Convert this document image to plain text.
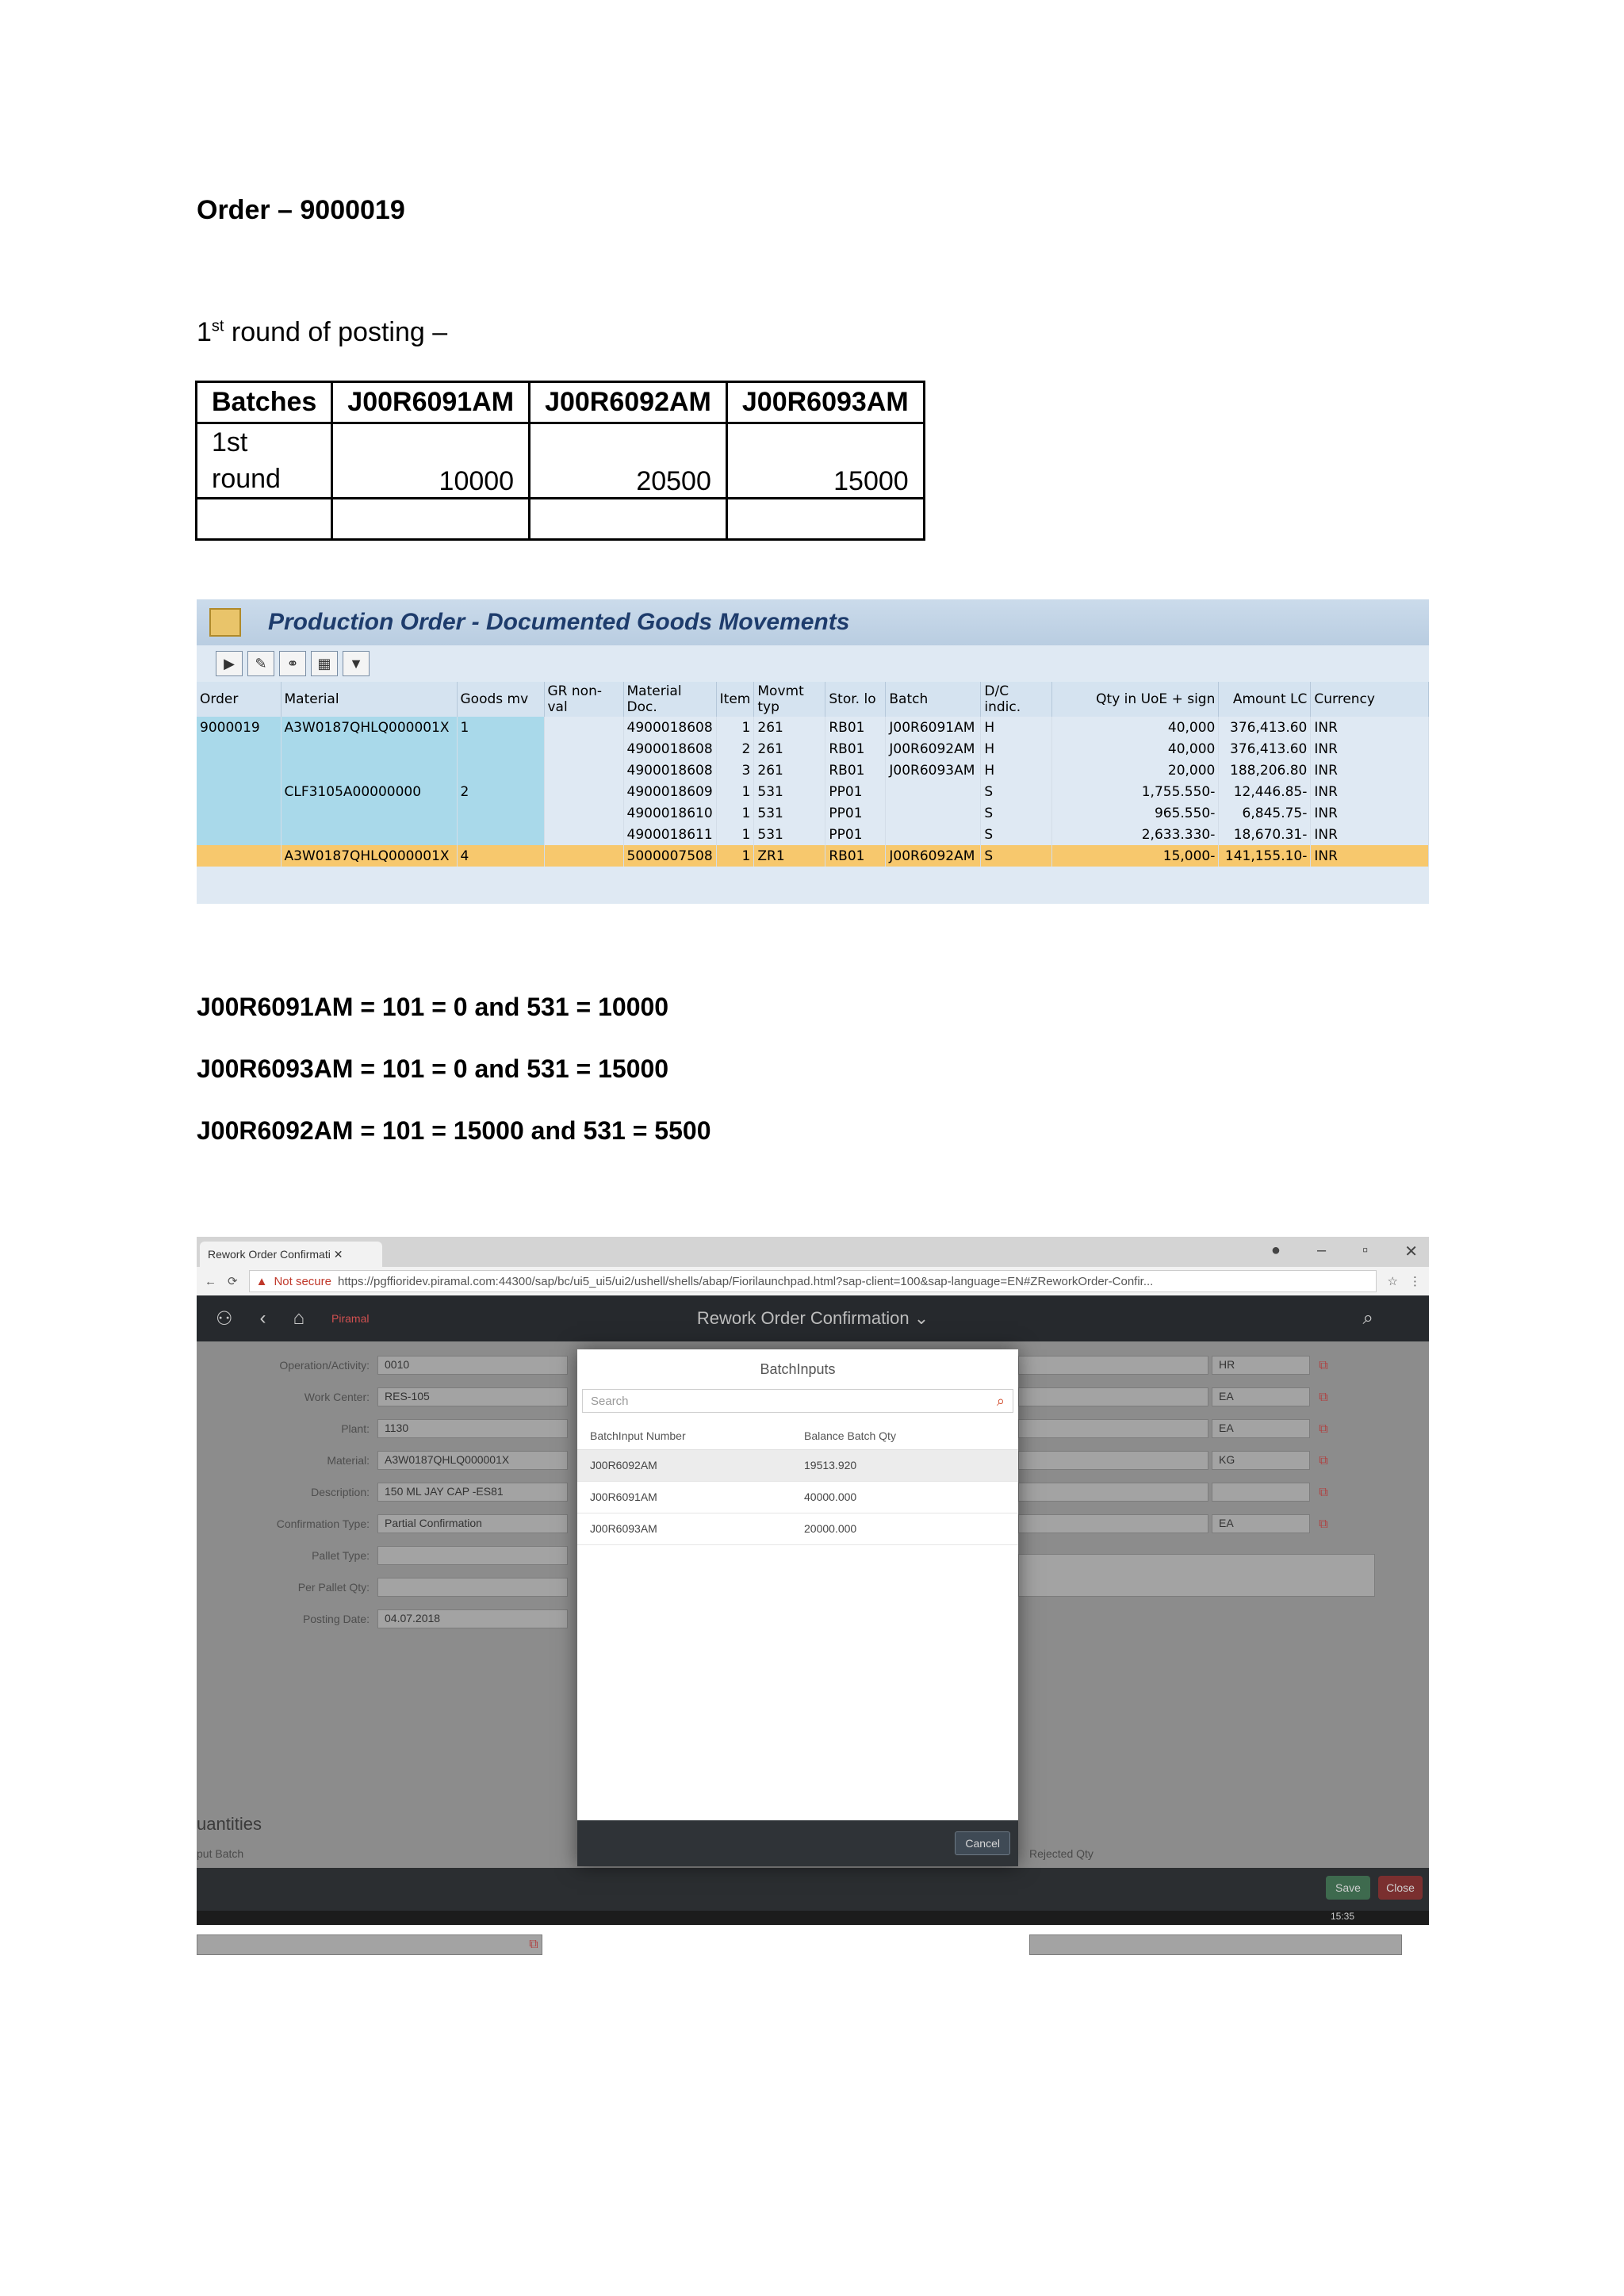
Order – 9000019
1st round of posting –
Batches	J00R6091AM	J00R6092AM	J00R6093AM
1st
round	10000	20500	15000

Production Order - Documented Goods Movements
▶	✎	⚭	▦	▼
Order	Material	Goods mv	GR non-val	Material Doc.	Item	Movmt typ	Stor. lo	Batch	D/C indic.	Qty in UoE + sign	Amount LC	Currency
9000019	A3W0187QHLQ000001X	1		4900018608	1	261	RB01	J00R6091AM	H	40,000	376,413.60	INR
				4900018608	2	261	RB01	J00R6092AM	H	40,000	376,413.60	INR
				4900018608	3	261	RB01	J00R6093AM	H	20,000	188,206.80	INR
	CLF3105A00000000	2		4900018609	1	531	PP01		S	1,755.550-	12,446.85-	INR
				4900018610	1	531	PP01		S	965.550-	6,845.75-	INR
				4900018611	1	531	PP01		S	2,633.330-	18,670.31-	INR
	A3W0187QHLQ000001X	4		5000007508	1	ZR1	RB01	J00R6092AM	S	15,000-	141,155.10-	INR
J00R6091AM = 101 = 0 and 531 = 10000
J00R6093AM = 101 = 0 and 531 = 15000
J00R6092AM = 101 = 15000 and 531 = 5500
Rework Order Confirmati ✕	● – ▫ ✕
← ⟳ ▲ Not secure https://pgffioridev.piramal.com:44300/sap/bc/ui5_ui5/ui2/ushell/shells/abap/Fiorilaunchpad.html?sap-client=100&sap-language=EN#ZReworkOrder-Confir...	☆ ⋮
⚇ ‹ ⌂ Piramal	Rework Order Confirmation ⌄	⌕
Operation/Activity:	0010
Work Center:	RES-105
Plant:	1130
Material:	A3W0187QHLQ000001X
Description:	150 ML JAY CAP -ES81
Confirmation Type:	Partial Confirmation
Pallet Type:
Per Pallet Qty:
Posting Date:	04.07.2018
HR
EA
EA
KG
EA
⧉
⧉
⧉
⧉
⧉
⧉
uantities
put Batch	Rejected Qty
⧉
Save	Close
15:35
BatchInputs
Search	⌕
BatchInput Number	Balance Batch Qty
J00R6092AM	19513.920
J00R6091AM	40000.000
J00R6093AM	20000.000
Cancel
